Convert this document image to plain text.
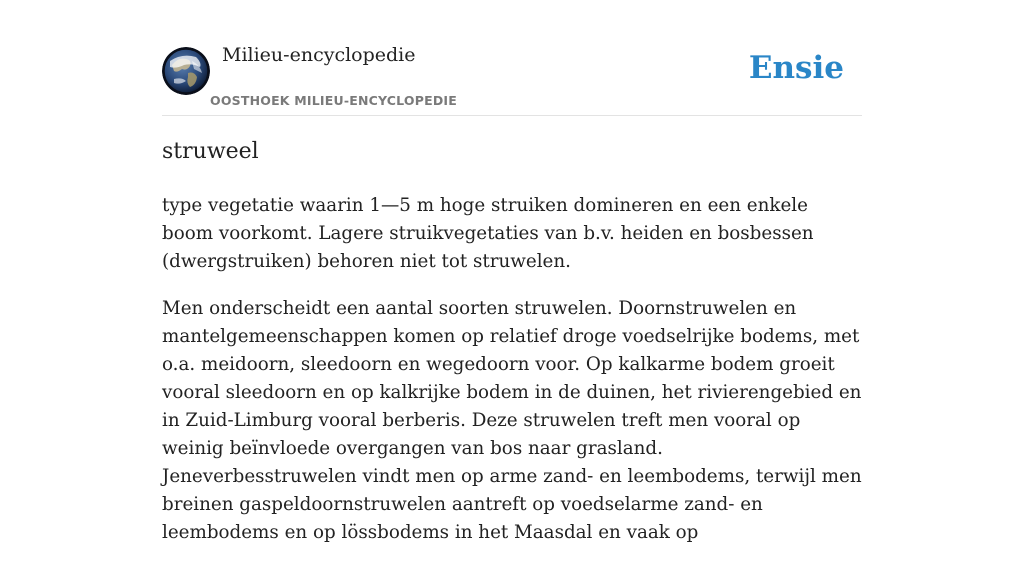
Milieu-encyclopedie
OOSTHOEK MILIEU-ENCYCLOPEDIE
Ensie
struweel

type vegetatie waarin 1—5 m hoge struiken domineren en een enkele boom voorkomt. Lagere struikvegetaties van b.v. heiden en bosbessen (dwergstruiken) behoren niet tot struwelen.

Men onderscheidt een aantal soorten struwelen. Doornstruwelen en mantelgemeenschappen komen op relatief droge voedselrijke bodems, met o.a. meidoorn, sleedoorn en wegedoorn voor. Op kalkarme bodem groeit vooral sleedoorn en op kalkrijke bodem in de duinen, het rivierengebied en in Zuid-Limburg vooral berberis. Deze struwelen treft men vooral op weinig beïnvloede overgangen van bos naar grasland. Jeneverbesstruwelen vindt men op arme zand- en leembodems, terwijl men breinen gaspeldoornstruwelen aantreft op voedselarme zand- en leembodems en op lössbodems in het Maasdal en vaak op
